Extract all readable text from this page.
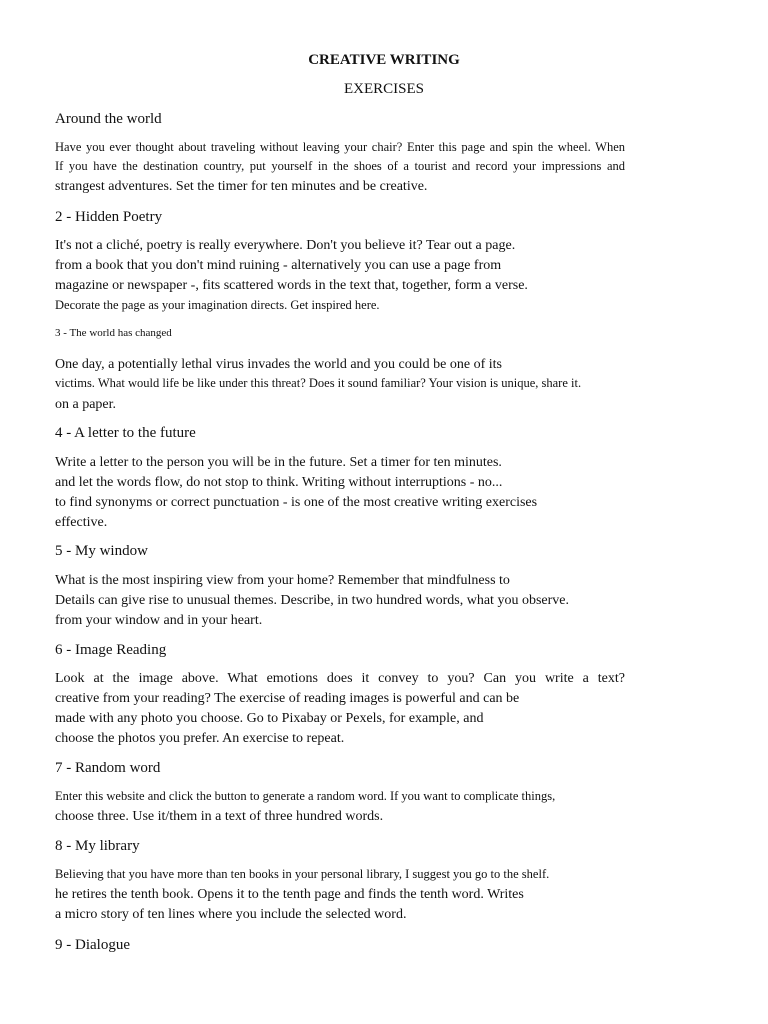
CREATIVE WRITING
EXERCISES
Around the world
Have you ever thought about traveling without leaving your chair? Enter this page and spin the wheel. When
If you have the destination country, put yourself in the shoes of a tourist and record your impressions and
strangest adventures. Set the timer for ten minutes and be creative.
2 - Hidden Poetry
It's not a cliché, poetry is really everywhere. Don't you believe it? Tear out a page.
from a book that you don't mind ruining - alternatively you can use a page from
magazine or newspaper -, fits scattered words in the text that, together, form a verse.
Decorate the page as your imagination directs. Get inspired here.
3 - The world has changed
One day, a potentially lethal virus invades the world and you could be one of its
victims. What would life be like under this threat? Does it sound familiar? Your vision is unique, share it.
on a paper.
4 - A letter to the future
Write a letter to the person you will be in the future. Set a timer for ten minutes.
and let the words flow, do not stop to think. Writing without interruptions - no...
to find synonyms or correct punctuation - is one of the most creative writing exercises
effective.
5 - My window
What is the most inspiring view from your home? Remember that mindfulness to
Details can give rise to unusual themes. Describe, in two hundred words, what you observe.
from your window and in your heart.
6 - Image Reading
Look at the image above. What emotions does it convey to you? Can you write a text?
creative from your reading? The exercise of reading images is powerful and can be
made with any photo you choose. Go to Pixabay or Pexels, for example, and
choose the photos you prefer. An exercise to repeat.
7 - Random word
Enter this website and click the button to generate a random word. If you want to complicate things,
choose three. Use it/them in a text of three hundred words.
8 - My library
Believing that you have more than ten books in your personal library, I suggest you go to the shelf.
he retires the tenth book. Opens it to the tenth page and finds the tenth word. Writes
a micro story of ten lines where you include the selected word.
9 - Dialogue
